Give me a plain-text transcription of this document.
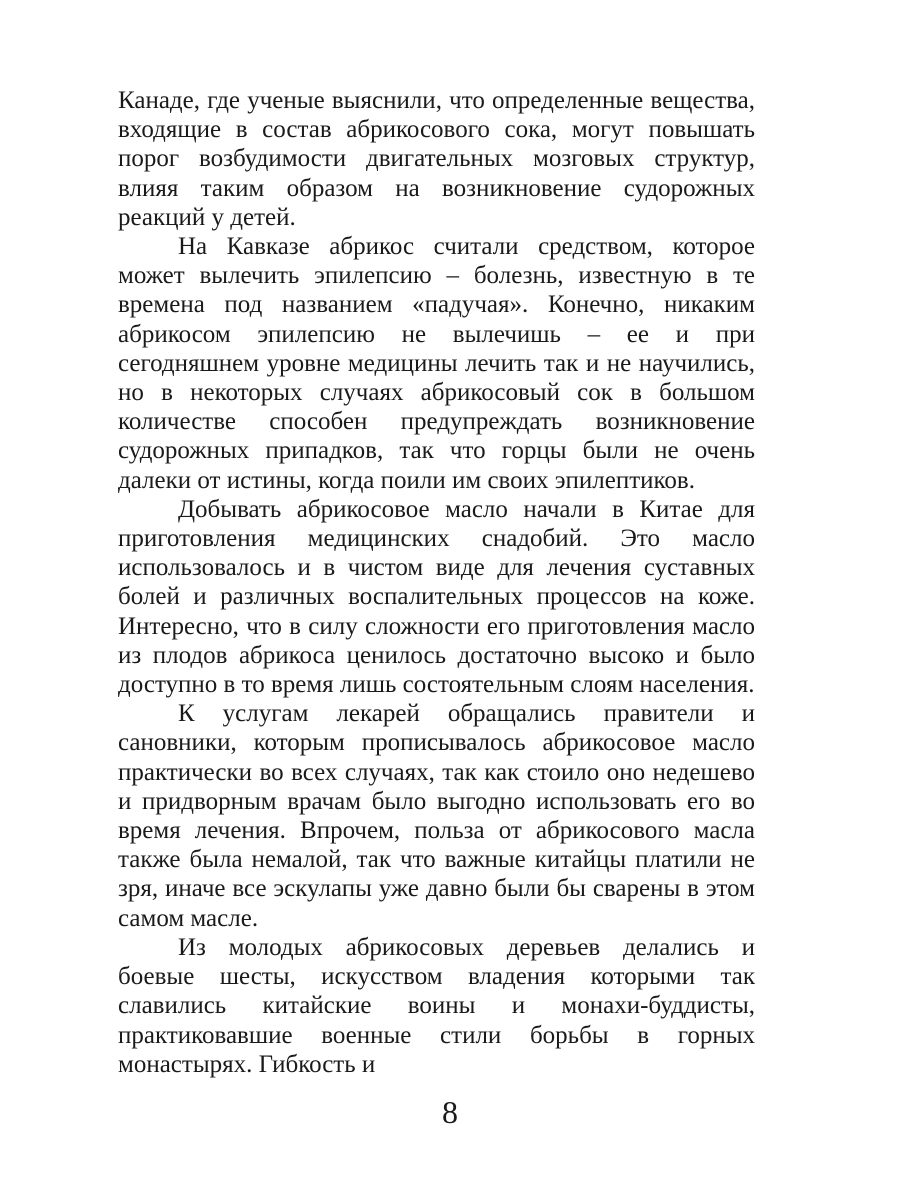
Канаде, где ученые выяснили, что определенные вещества, входящие в состав абрикосового сока, могут повышать порог возбудимости двигательных мозговых структур, влияя таким образом на возникновение судорожных реакций у детей.

На Кавказе абрикос считали средством, которое может вылечить эпилепсию – болезнь, известную в те времена под названием «падучая». Конечно, никаким абрикосом эпилепсию не вылечишь – ее и при сегодняшнем уровне медицины лечить так и не научились, но в некоторых случаях абрикосовый сок в большом количестве способен предупреждать возникновение судорожных припадков, так что горцы были не очень далеки от истины, когда поили им своих эпилептиков.

Добывать абрикосовое масло начали в Китае для приготовления медицинских снадобий. Это масло использовалось и в чистом виде для лечения суставных болей и различных воспалительных процессов на коже. Интересно, что в силу сложности его приготовления масло из плодов абрикоса ценилось достаточно высоко и было доступно в то время лишь состоятельным слоям населения.

К услугам лекарей обращались правители и сановники, которым прописывалось абрикосовое масло практически во всех случаях, так как стоило оно недешево и придворным врачам было выгодно использовать его во время лечения. Впрочем, польза от абрикосового масла также была немалой, так что важные китайцы платили не зря, иначе все эскулапы уже давно были бы сварены в этом самом масле.

Из молодых абрикосовых деревьев делались и боевые шесты, искусством владения которыми так славились китайские воины и монахи-буддисты, практиковавшие военные стили борьбы в горных монастырях. Гибкость и

8
